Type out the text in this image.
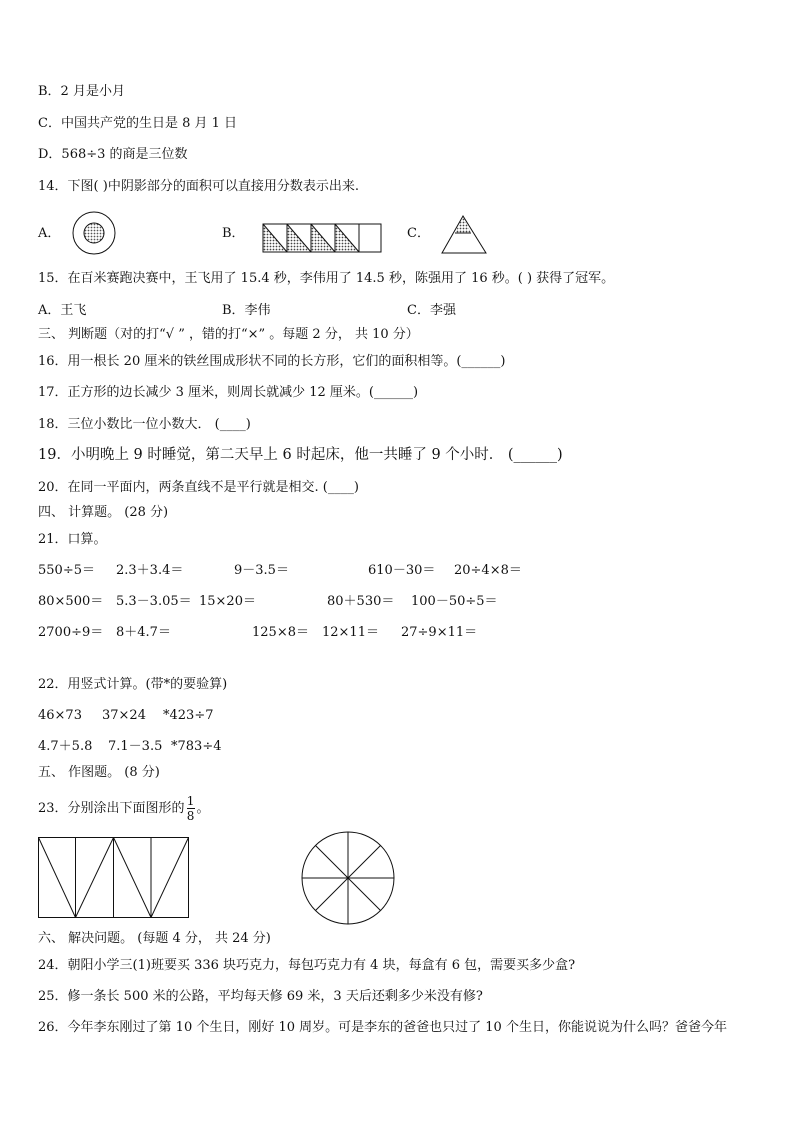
B．2 月是小月
C．中国共产党的生日是 8 月 1 日
D．568÷3 的商是三位数
14．下图( )中阴影部分的面积可以直接用分数表示出来.
A．	B．	C．
15．在百米赛跑决赛中，王飞用了 15.4 秒，李伟用了 14.5 秒，陈强用了 16 秒。( ) 获得了冠军。
A．王飞	B．李伟	C．李强
三、 判断题（对的打“√ ” ，错的打“×” 。每题 2 分， 共 10 分）
16．用一根长 20 厘米的铁丝围成形状不同的长方形，它们的面积相等。(______)
17．正方形的边长减少 3 厘米，则周长就减少 12 厘米。(______)
18．三位小数比一位小数大． (____)
19．小明晚上 9 时睡觉，第二天早上 6 时起床，他一共睡了 9 个小时． (______)
20．在同一平面内，两条直线不是平行就是相交. (____)
四、 计算题。 (28 分)
21．口算。
550÷5＝ 2.3＋3.4＝	9－3.5＝	610－30＝ 20÷4×8＝
80×500＝ 5.3－3.05＝ 15×20＝	80＋530＝ 100－50÷5＝
2700÷9＝ 8＋4.7＝	125×8＝ 12×11＝ 27÷9×11＝
22．用竖式计算。(带*的要验算)
46×73 37×24 *423÷7
4.7＋5.8 7.1－3.5 *783÷4
五、 作图题。 (8 分)
23．分别涂出下面图形的 $\frac{1}{8}$ 。
六、 解决问题。 (每题 4 分， 共 24 分)
24．朝阳小学三(1)班要买 336 块巧克力，每包巧克力有 4 块，每盒有 6 包，需要买多少盒?
25．修一条长 500 米的公路，平均每天修 69 米，3 天后还剩多少米没有修?
26．今年李东刚过了第 10 个生日，刚好 10 周岁。可是李东的爸爸也只过了 10 个生日，你能说说为什么吗？爸爸今年
